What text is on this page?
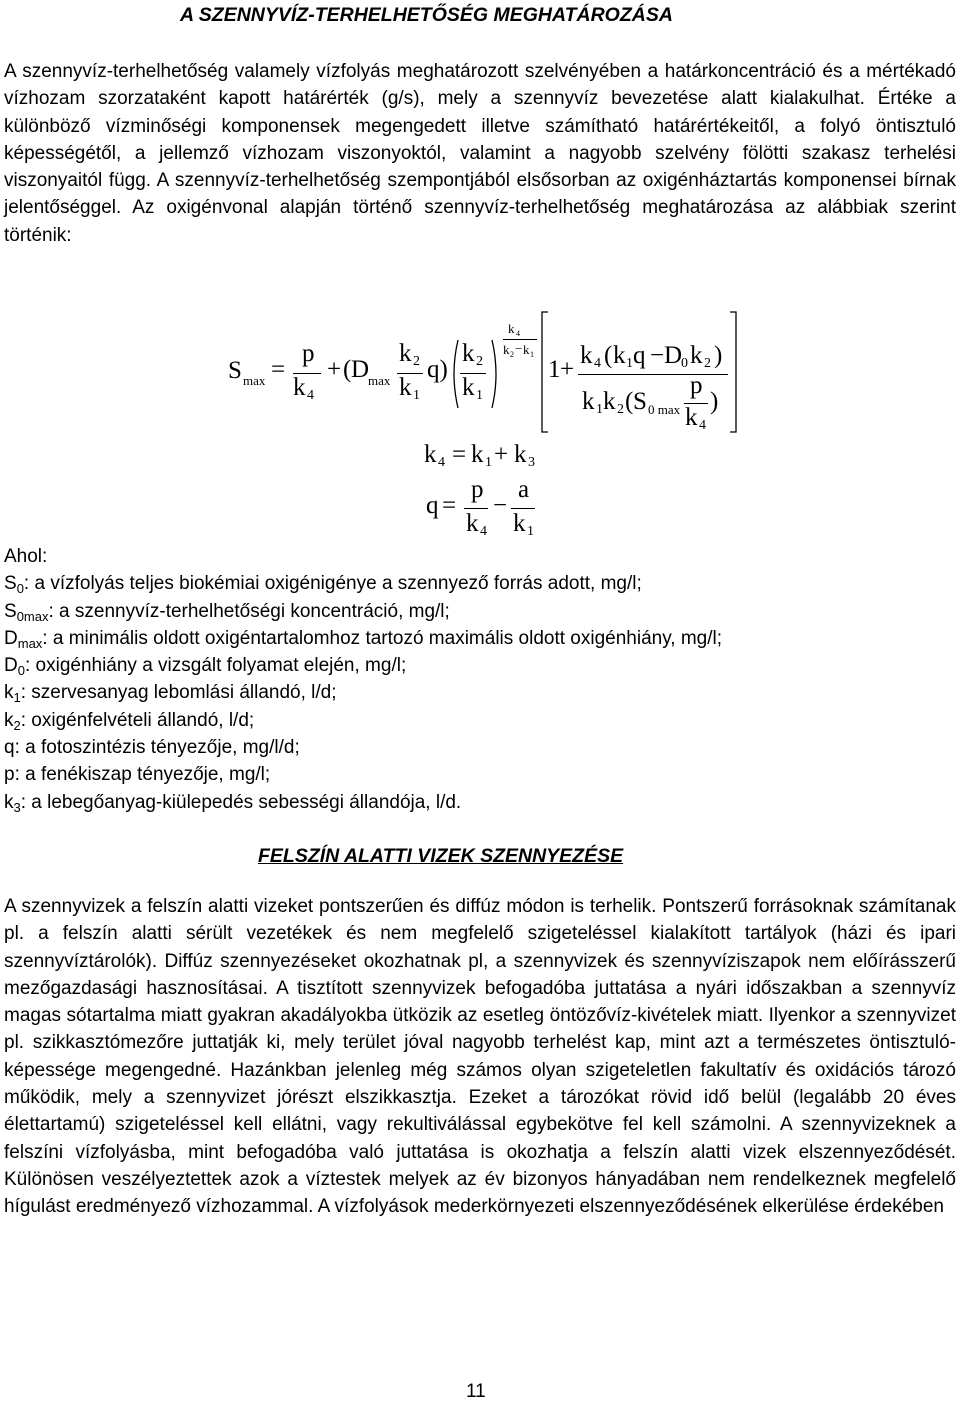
A SZENNYVÍZ-TERHELHETŐSÉG MEGHATÁROZÁSA

A szennyvíz-terhelhetőség valamely vízfolyás meghatározott szelvényében a határkoncentráció és a mértékadó vízhozam szorzataként kapott határérték (g/s), mely a szennyvíz bevezetése alatt kialakulhat. Értéke a különböző vízminőségi komponensek megengedett illetve számítható határértékeitől, a folyó öntisztuló képességétől, a jellemző vízhozam viszonyoktól, valamint a nagyobb szelvény fölötti szakasz terhelési viszonyaitól függ. A szennyvíz-terhelhetőség szempontjából elsősorban az oxigénháztartás komponensei bírnak jelentőséggel. Az oxigénvonal alapján történő szennyvíz-terhelhetőség meghatározása az alábbiak szerint történik:

S max =
p
k 4
+ ( D
max
k 2
k 1
q)
k 2
k 1
k 4
k 2 − k 1
1 +
k 4 ( k 1 q − D
0 k 2 )
k 1 k 2 ( S 0 max
p
k 4
)
k 4 = k 1 + k 3
q =
p
k 4
−
a
k 1
Ahol:
$S_0$: a vízfolyás teljes biokémiai oxigénigénye a szennyező forrás adott, mg/l;
$S_{0max}$: a szennyvíz-terhelhetőségi koncentráció, mg/l;
$D_{max}$: a minimális oldott oxigéntartalomhoz tartozó maximális oldott oxigénhiány, mg/l;
$D_0$: oxigénhiány a vizsgált folyamat elején, mg/l;
$k_1$: szervesanyag lebomlási állandó, l/d;
$k_2$: oxigénfelvételi állandó, l/d;
q: a fotoszintézis tényezője, mg/l/d;
p: a fenékiszap tényezője, mg/l;
$k_3$: a lebegőanyag-kiülepedés sebességi állandója, l/d.
FELSZÍN ALATTI VIZEK SZENNYEZÉSE

A szennyvizek a felszín alatti vizeket pontszerűen és diffúz módon is terhelik. Pontszerű forrásoknak számítanak pl. a felszín alatti sérült vezetékek és nem megfelelő szigeteléssel kialakított tartályok (házi és ipari szennyvíztárolók). Diffúz szennyezéseket okozhatnak pl, a szennyvizek és szennyvíziszapok nem előírásszerű mezőgazdasági hasznosításai. A tisztított szennyvizek befogadóba juttatása a nyári időszakban a szennyvíz magas sótartalma miatt gyakran akadályokba ütközik az esetleg öntözővíz-kivételek miatt. Ilyenkor a szennyvizet pl. szikkasztómezőre juttatják ki, mely terület jóval nagyobb terhelést kap, mint azt a természetes öntisztuló-képessége megengedné. Hazánkban jelenleg még számos olyan szigeteletlen fakultatív és oxidációs tározó működik, mely a szennyvizet jórészt elszikkasztja. Ezeket a tározókat rövid idő belül (legalább 20 éves élettartamú) szigeteléssel kell ellátni, vagy rekultiválással egybekötve fel kell számolni. A szennyvizeknek a felszíni vízfolyásba, mint befogadóba való juttatása is okozhatja a felszín alatti vizek elszennyeződését. Különösen veszélyeztettek azok a víztestek melyek az év bizonyos hányadában nem rendelkeznek megfelelő hígulást eredményező vízhozammal. A vízfolyások mederkörnyezeti elszennyeződésének elkerülése érdekében

11
